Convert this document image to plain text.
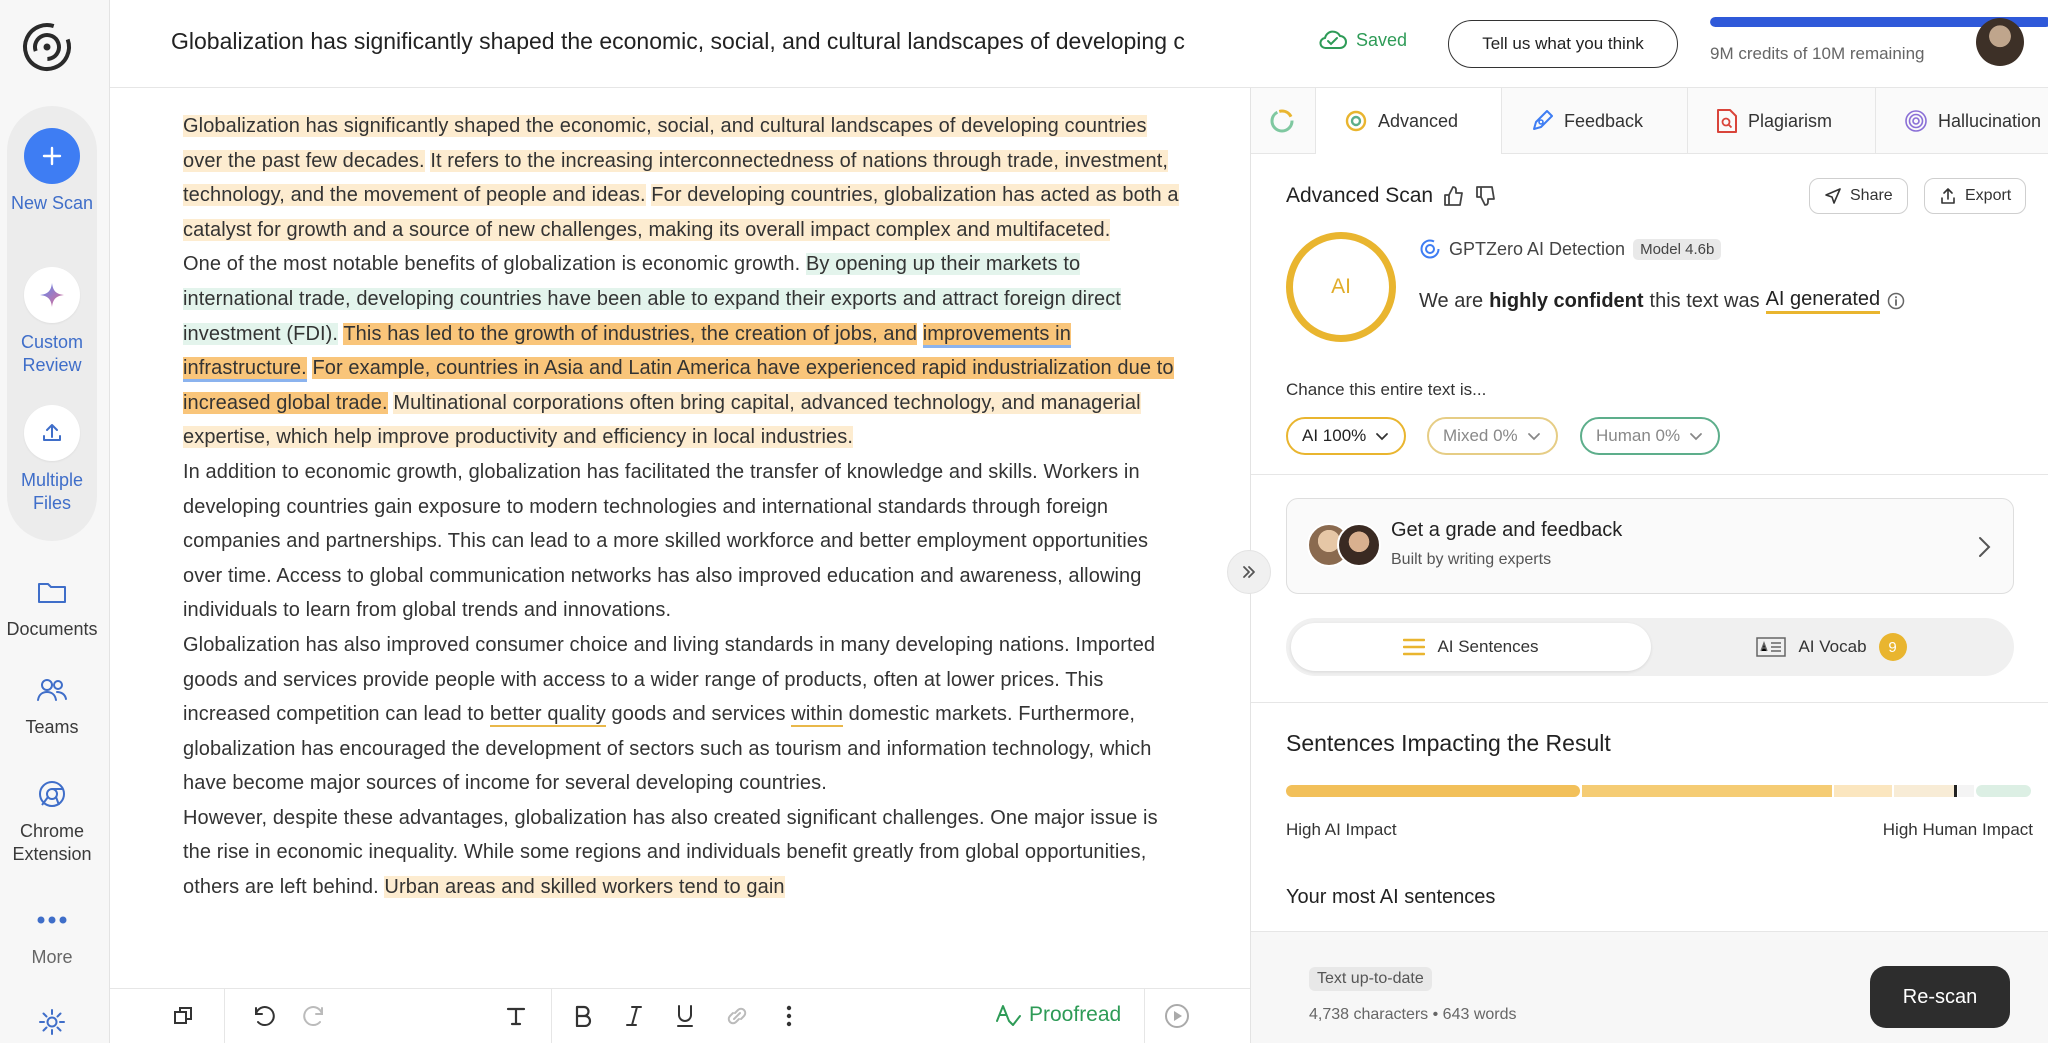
New Scan
Custom Review
Multiple Files
Documents
Teams
Chrome Extension
More
Globalization has significantly shaped the economic, social, and cultural landscapes of developing c	Saved	Tell us what you think
9M credits of 10M remaining

Globalization has significantly shaped the economic, social, and cultural landscapes of developing countries over the past few decades. It refers to the increasing interconnectedness of nations through trade, investment, technology, and the movement of people and ideas. For developing countries, globalization has acted as both a catalyst for growth and a source of new challenges, making its overall impact complex and multifaceted.

One of the most notable benefits of globalization is economic growth. By opening up their markets to international trade, developing countries have been able to expand their exports and attract foreign direct investment (FDI). This has led to the growth of industries, the creation of jobs, and improvements in infrastructure. For example, countries in Asia and Latin America have experienced rapid industrialization due to increased global trade. Multinational corporations often bring capital, advanced technology, and managerial expertise, which help improve productivity and efficiency in local industries.

In addition to economic growth, globalization has facilitated the transfer of knowledge and skills. Workers in developing countries gain exposure to modern technologies and international standards through foreign companies and partnerships. This can lead to a more skilled workforce and better employment opportunities over time. Access to global communication networks has also improved education and awareness, allowing individuals to learn from global trends and innovations.

Globalization has also improved consumer choice and living standards in many developing nations. Imported goods and services provide people with access to a wider range of products, often at lower prices. This increased competition can lead to better quality goods and services within domestic markets. Furthermore, globalization has encouraged the development of sectors such as tourism and information technology, which have become major sources of income for several developing countries.

However, despite these advantages, globalization has also created significant challenges. One major issue is the rise in economic inequality. While some regions and individuals benefit greatly from global opportunities, others are left behind. Urban areas and skilled workers tend to gain

Proofread
Advanced	Feedback	Plagiarism	Hallucination
Advanced Scan	Share	Export
AI
GPTZero AI Detection	Model 4.6b
We are highly confident this text was AI generated
Chance this entire text is...
AI 100%	Mixed 0%	Human 0%
Get a grade and feedback
Built by writing experts
AI Sentences	AI Vocab	9
Sentences Impacting the Result
High AI Impact	High Human Impact
Your most AI sentences
Text up-to-date
4,738 characters • 643 words
Re-scan
